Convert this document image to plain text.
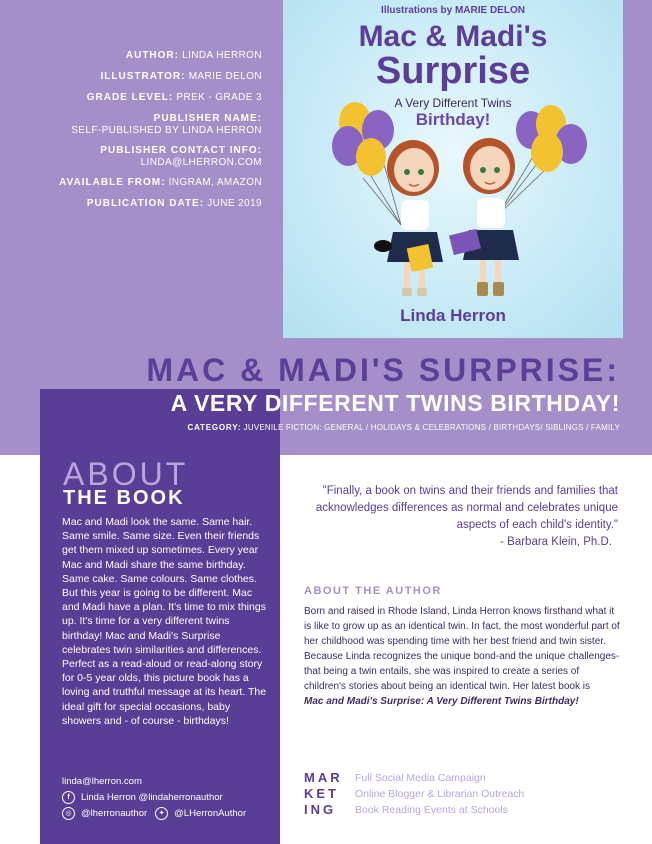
AUTHOR: LINDA HERRON
ILLUSTRATOR: MARIE DELON
GRADE LEVEL: PREK - GRADE 3
PUBLISHER NAME:
SELF-PUBLISHED BY LINDA HERRON
PUBLISHER CONTACT INFO:
LINDA@LHERRON.COM
AVAILABLE FROM: INGRAM, AMAZON
PUBLICATION DATE: JUNE 2019
Illustrations by MARIE DELON
Mac & Madi's
Surprise
A Very Different Twins
Birthday!
Linda Herron
MAC & MADI'S SURPRISE:
A VERY DIFFERENT TWINS BIRTHDAY!
CATEGORY: JUVENILE FICTION: GENERAL / HOLIDAYS & CELEBRATIONS / BIRTHDAYS/ SIBLINGS / FAMILY
ABOUT
THE BOOK

Mac and Madi look the same. Same hair. Same smile. Same size. Even their friends get them mixed up sometimes. Every year Mac and Madi share the same birthday. Same cake. Same colours. Same clothes. But this year is going to be different. Mac and Madi have a plan. It's time to mix things up. It's time for a very different twins birthday! Mac and Madi's Surprise celebrates twin similarities and differences. Perfect as a read-aloud or read-along story for 0-5 year olds, this picture book has a loving and truthful message at its heart. The ideal gift for special occasions, baby showers and - of course - birthdays!

linda@lherron.com
f Linda Herron @lindaherronauthor
◎ @lherronauthor ✦ @LHerronAuthor

"Finally, a book on twins and their friends and families that acknowledges differences as normal and celebrates unique aspects of each child's identity."

- Barbara Klein, Ph.D.

ABOUT THE AUTHOR

Born and raised in Rhode Island, Linda Herron knows firsthand what it is like to grow up as an identical twin. In fact, the most wonderful part of her childhood was spending time with her best friend and twin sister. Because Linda recognizes the unique bond-and the unique challenges-that being a twin entails, she was inspired to create a series of children's stories about being an identical twin. Her latest book is

Mac and Madi's Surprise: A Very Different Twins Birthday!

MAR
KET
ING
Full Social Media Campaign
Online Blogger & Librarian Outreach
Book Reading Events at Schools
